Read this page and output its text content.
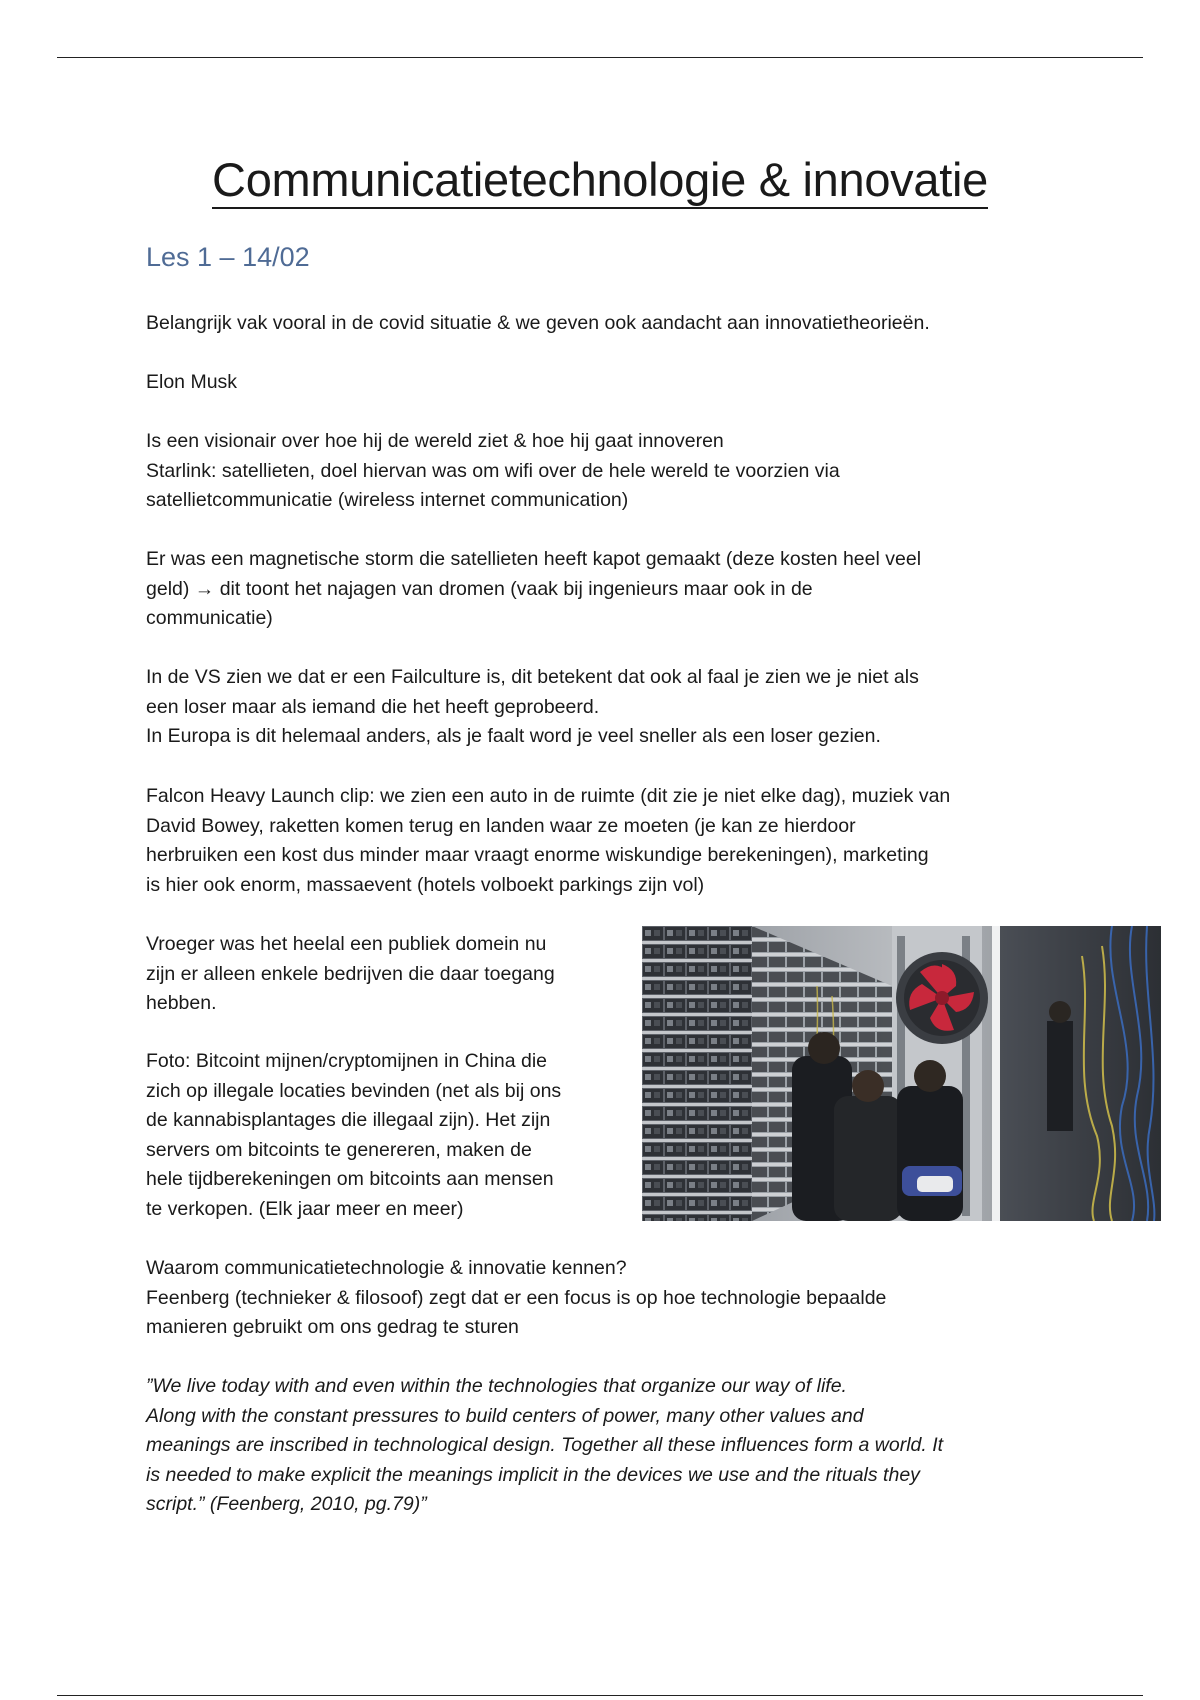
Communicatietechnologie & innovatie
Les 1 – 14/02
Belangrijk vak vooral in de covid situatie & we geven ook aandacht aan innovatietheorieën.
Elon Musk
Is een visionair over hoe hij de wereld ziet & hoe hij gaat innoveren
Starlink: satellieten, doel hiervan was om wifi over de hele wereld te voorzien via
satellietcommunicatie (wireless internet communication)
Er was een magnetische storm die satellieten heeft kapot gemaakt (deze kosten heel veel
geld) → dit toont het najagen van dromen (vaak bij ingenieurs maar ook in de
communicatie)
In de VS zien we dat er een Failculture is, dit betekent dat ook al faal je zien we je niet als
een loser maar als iemand die het heeft geprobeerd.
In Europa is dit helemaal anders, als je faalt word je veel sneller als een loser gezien.
Falcon Heavy Launch clip: we zien een auto in de ruimte (dit zie je niet elke dag), muziek van
David Bowey, raketten komen terug en landen waar ze moeten (je kan ze hierdoor
herbruiken een kost dus minder maar vraagt enorme wiskundige berekeningen), marketing
is hier ook enorm, massaevent (hotels volboekt parkings zijn vol)
Vroeger was het heelal een publiek domein nu
zijn er alleen enkele bedrijven die daar toegang
hebben.
Foto: Bitcoint mijnen/cryptomijnen in China die
zich op illegale locaties bevinden (net als bij ons
de kannabisplantages die illegaal zijn). Het zijn
servers om bitcoints te genereren, maken de
hele tijdberekeningen om bitcoints aan mensen
te verkopen. (Elk jaar meer en meer)
Waarom communicatietechnologie & innovatie kennen?
Feenberg (technieker & filosoof) zegt dat er een focus is op hoe technologie bepaalde
manieren gebruikt om ons gedrag te sturen
”We live today with and even within the technologies that organize our way of life.
Along with the constant pressures to build centers of power, many other values and
meanings are inscribed in technological design. Together all these influences form a world. It
is needed to make explicit the meanings implicit in the devices we use and the rituals they
script.” (Feenberg, 2010, pg.79)”
